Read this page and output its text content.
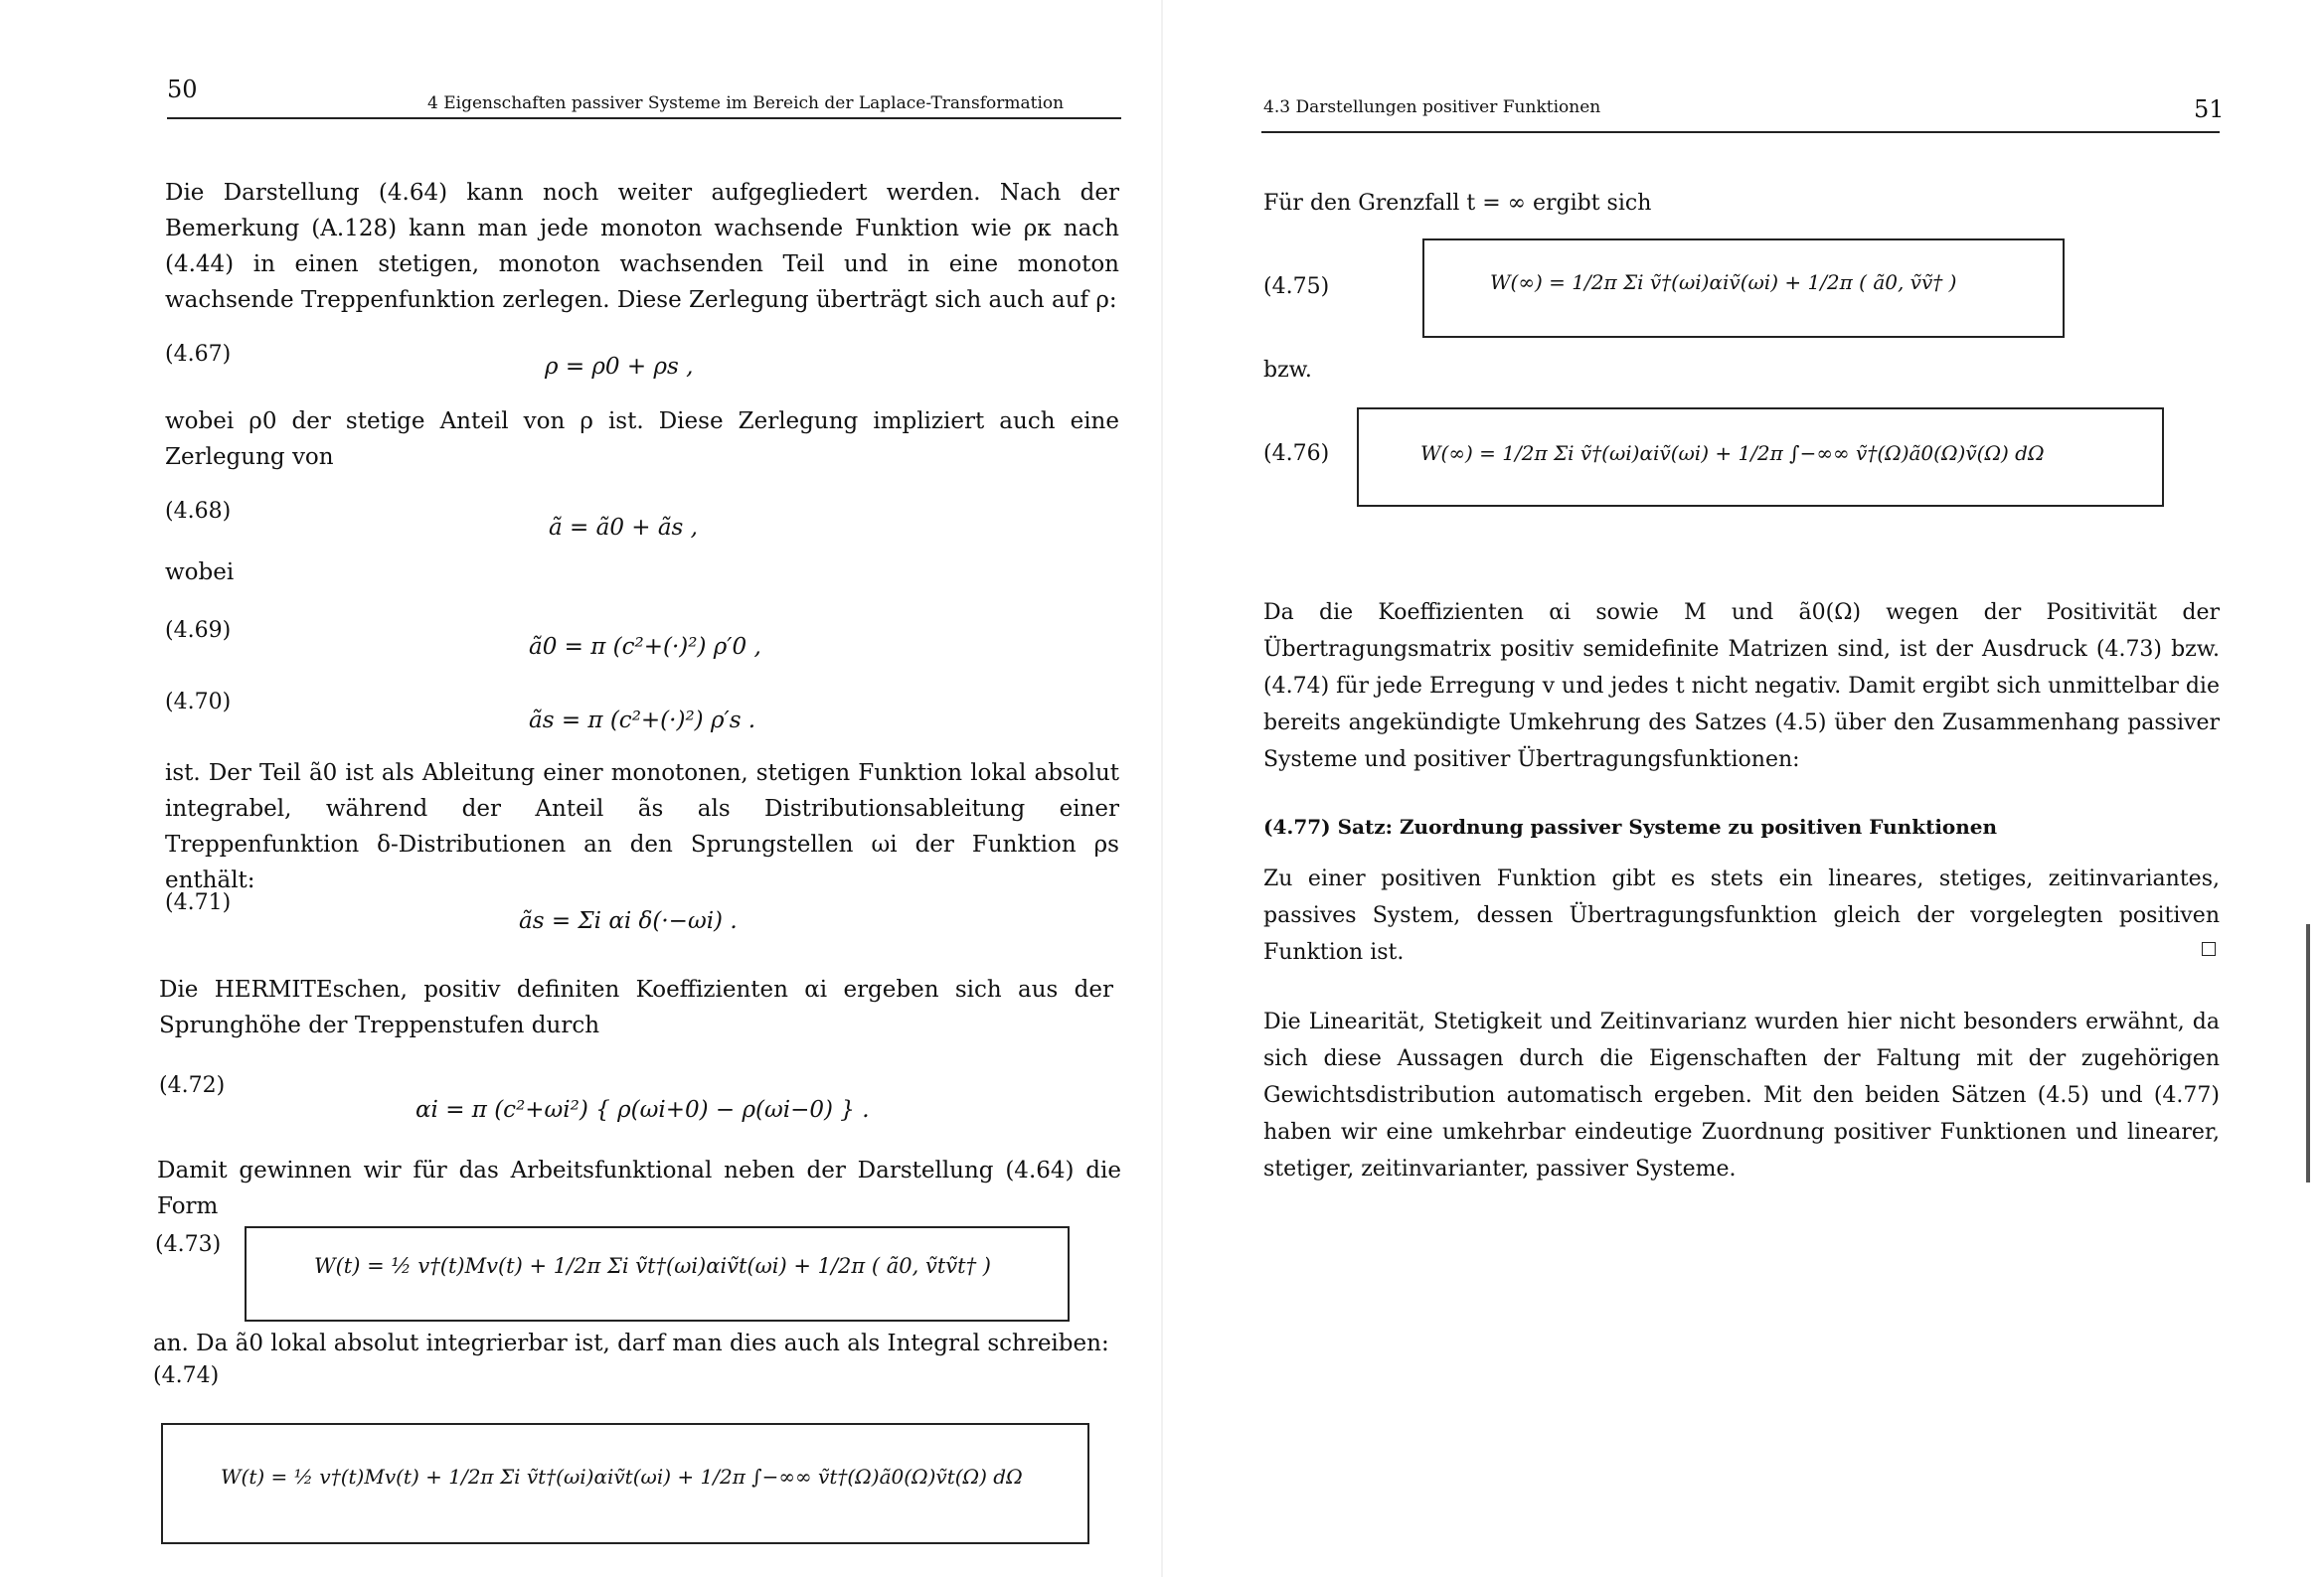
50	4 Eigenschaften passiver Systeme im Bereich der Laplace-Transformation

Die Darstellung (4.64) kann noch weiter aufgegliedert werden. Nach der Bemerkung (A.128) kann man jede monoton wachsende Funktion wie ρκ nach (4.44) in einen stetigen, monoton wachsenden Teil und in eine monoton wachsende Treppenfunktion zerlegen. Diese Zerlegung überträgt sich auch auf ρ:

(4.67)	ρ = ρ0 + ρs ,

wobei ρ0 der stetige Anteil von ρ ist. Diese Zerlegung impliziert auch eine Zerlegung von

(4.68)
ã = ã0 + ãs ,

wobei

(4.69)
ã0 = π (c²+(·)²) ρ′0 ,
(4.70)
ãs = π (c²+(·)²) ρ′s .

ist. Der Teil ã0 ist als Ableitung einer monotonen, stetigen Funktion lokal absolut integrabel, während der Anteil ãs als Distributionsableitung einer Treppenfunktion δ-Distributionen an den Sprungstellen ωi der Funktion ρs enthält:

(4.71)
ãs = Σi αi δ(·−ωi) .

Die HERMITEschen, positiv definiten Koeffizienten αi ergeben sich aus der Sprunghöhe der Treppenstufen durch

(4.72)
αi = π (c²+ωi²) { ρ(ωi+0) − ρ(ωi−0) } .

Damit gewinnen wir für das Arbeitsfunktional neben der Darstellung (4.64) die Form

(4.73)
W(t) = ½ v†(t)Mv(t) + 1/2π Σi ṽt†(ωi)αiṽt(ωi) + 1/2π ( ã0, ṽtṽt† )

an. Da ã0 lokal absolut integrierbar ist, darf man dies auch als Integral schreiben:

(4.74)
W(t) = ½ v†(t)Mv(t) + 1/2π Σi ṽt†(ωi)αiṽt(ωi) + 1/2π ∫−∞∞ ṽt†(Ω)ã0(Ω)ṽt(Ω) dΩ
4.3 Darstellungen positiver Funktionen	51

Für den Grenzfall t = ∞ ergibt sich

(4.75)	W(∞) = 1/2π Σi ṽ†(ωi)αiṽ(ωi) + 1/2π ( ã0, ṽṽ† )

bzw.

(4.76)	W(∞) = 1/2π Σi ṽ†(ωi)αiṽ(ωi) + 1/2π ∫−∞∞ ṽ†(Ω)ã0(Ω)ṽ(Ω) dΩ

Da die Koeffizienten αi sowie M und ã0(Ω) wegen der Positivität der Übertragungsmatrix positiv semidefinite Matrizen sind, ist der Ausdruck (4.73) bzw. (4.74) für jede Erregung v und jedes t nicht negativ. Damit ergibt sich unmittelbar die bereits angekündigte Umkehrung des Satzes (4.5) über den Zusammenhang passiver Systeme und positiver Übertragungsfunktionen:

(4.77) Satz: Zuordnung passiver Systeme zu positiven Funktionen

Zu einer positiven Funktion gibt es stets ein lineares, stetiges, zeitinvariantes, passives System, dessen Übertragungsfunktion gleich der vorgelegten positiven Funktion ist.

Die Linearität, Stetigkeit und Zeitinvarianz wurden hier nicht besonders erwähnt, da sich diese Aussagen durch die Eigenschaften der Faltung mit der zugehörigen Gewichtsdistribution automatisch ergeben. Mit den beiden Sätzen (4.5) und (4.77) haben wir eine umkehrbar eindeutige Zuordnung positiver Funktionen und linearer, stetiger, zeitinvarianter, passiver Systeme.
